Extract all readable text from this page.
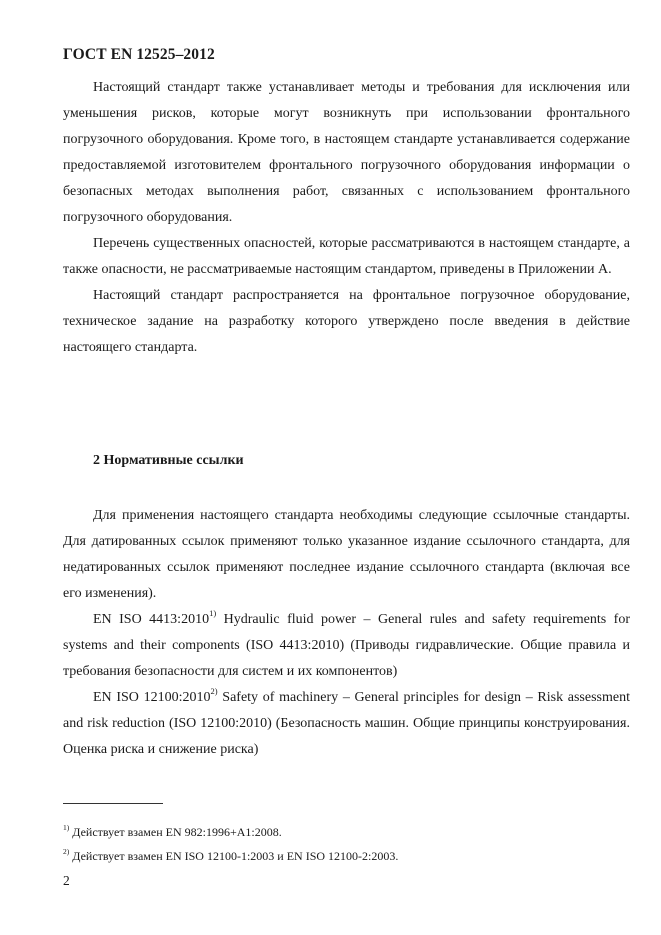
ГОСТ EN 12525–2012

Настоящий стандарт также устанавливает методы и требования для исключения или уменьшения рисков, которые могут возникнуть при использовании фронтального погрузочного оборудования. Кроме того, в настоящем стандарте устанавливается содержание предоставляемой изготовителем фронтального погрузочного оборудования информации о безопасных методах выполнения работ, связанных с использованием фронтального погрузочного оборудования.

Перечень существенных опасностей, которые рассматриваются в настоящем стандарте, а также опасности, не рассматриваемые настоящим стандартом, приведены в Приложении А.

Настоящий стандарт распространяется на фронтальное погрузочное оборудование, техническое задание на разработку которого утверждено после введения в действие настоящего стандарта.

2 Нормативные ссылки

Для применения настоящего стандарта необходимы следующие ссылочные стандарты. Для датированных ссылок применяют только указанное издание ссылочного стандарта, для недатированных ссылок применяют последнее издание ссылочного стандарта (включая все его изменения).

EN ISO 4413:2010$^{1)}$ Hydraulic fluid power – General rules and safety requirements for systems and their components (ISO 4413:2010) (Приводы гидравлические. Общие правила и требования безопасности для систем и их компонентов)

EN ISO 12100:2010$^{2)}$ Safety of machinery – General principles for design – Risk assessment and risk reduction (ISO 12100:2010) (Безопасность машин. Общие принципы конструирования. Оценка риска и снижение риска)

$^{1)}$ Действует взамен EN 982:1996+A1:2008.

$^{2)}$ Действует взамен EN ISO 12100-1:2003 и EN ISO 12100-2:2003.

2
